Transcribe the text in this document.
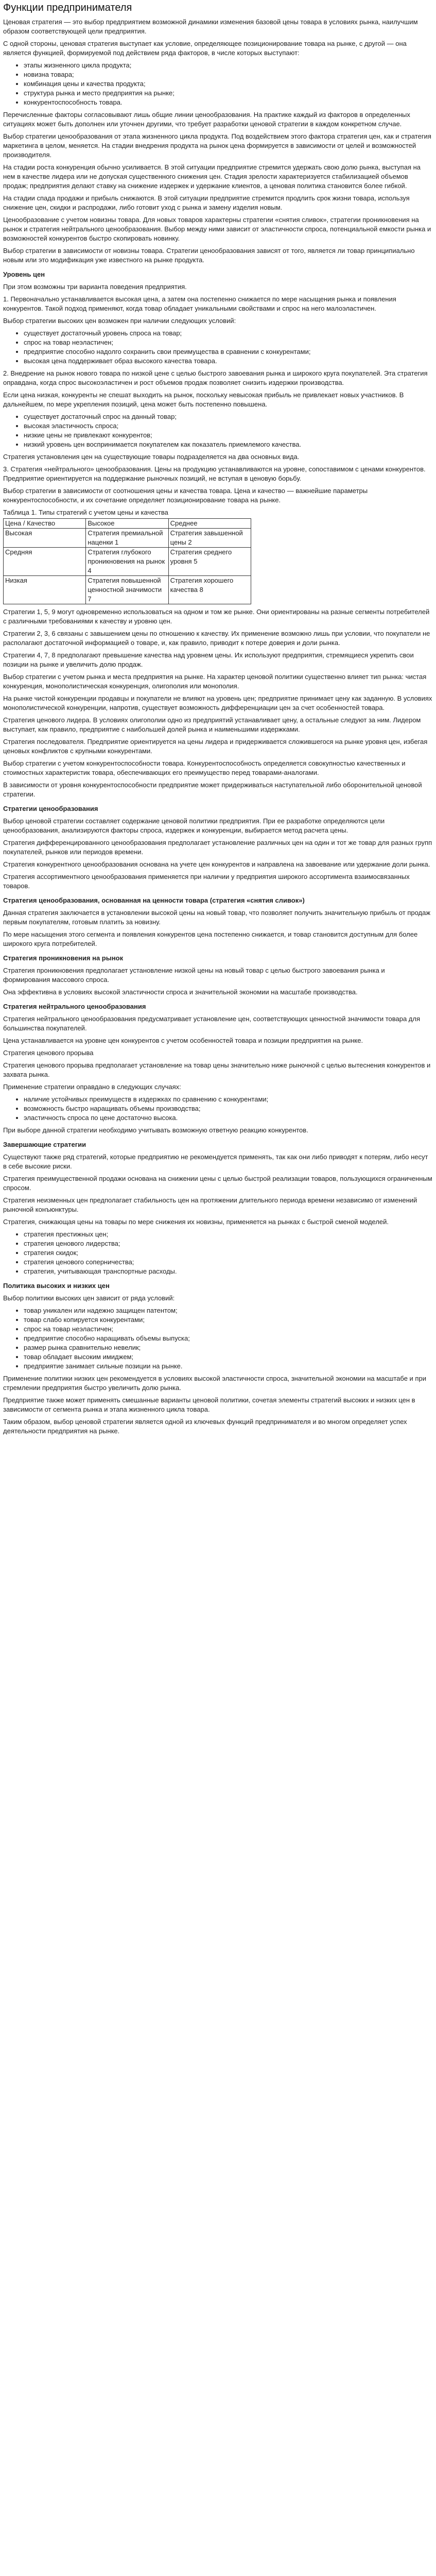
Функции предпринимателя

Ценовая стратегия — это выбор предприятием возможной динамики изменения базовой цены товара в условиях рынка, наилучшим образом соответствующей цели предприятия.

С одной стороны, ценовая стратегия выступает как условие, определяющее позиционирование товара на рынке, с другой — она является функцией, формируемой под действием ряда факторов, в числе которых выступают:

• этапы жизненного цикла продукта;
• новизна товара;
• комбинация цены и качества продукта;
• структура рынка и место предприятия на рынке;
• конкурентоспособность товара.

Перечисленные факторы согласовывают лишь общие линии ценообразования. На практике каждый из факторов в определенных ситуациях может быть дополнен или уточнен другими, что требует разработки ценовой стратегии в каждом конкретном случае.

Выбор стратегии ценообразования от этапа жизненного цикла продукта. Под воздействием этого фактора стратегия цен, как и стратегия маркетинга в целом, меняется. На стадии внедрения продукта на рынок цена формируется в зависимости от целей и возможностей производителя.

На стадии роста конкуренция обычно усиливается. В этой ситуации предприятие стремится удержать свою долю рынка, выступая на нем в качестве лидера или не допуская существенного снижения цен. Стадия зрелости характеризуется стабилизацией объемов продаж; предприятия делают ставку на снижение издержек и удержание клиентов, а ценовая политика становится более гибкой.

На стадии спада продажи и прибыль снижаются. В этой ситуации предприятие стремится продлить срок жизни товара, используя снижение цен, скидки и распродажи, либо готовит уход с рынка и замену изделия новым.

Ценообразование с учетом новизны товара. Для новых товаров характерны стратегии «снятия сливок», стратегии проникновения на рынок и стратегия нейтрального ценообразования. Выбор между ними зависит от эластичности спроса, потенциальной емкости рынка и возможностей конкурентов быстро скопировать новинку.

Выбор стратегии в зависимости от новизны товара. Стратегии ценообразования зависят от того, является ли товар принципиально новым или это модификация уже известного на рынке продукта.

Уровень цен

При этом возможны три варианта поведения предприятия.

1. Первоначально устанавливается высокая цена, а затем она постепенно снижается по мере насыщения рынка и появления конкурентов. Такой подход применяют, когда товар обладает уникальными свойствами и спрос на него малоэластичен.

Выбор стратегии высоких цен возможен при наличии следующих условий:

• существует достаточный уровень спроса на товар;
• спрос на товар неэластичен;
• предприятие способно надолго сохранить свои преимущества в сравнении с конкурентами;
• высокая цена поддерживает образ высокого качества товара.

2. Внедрение на рынок нового товара по низкой цене с целью быстрого завоевания рынка и широкого круга покупателей. Эта стратегия оправдана, когда спрос высокоэластичен и рост объемов продаж позволяет снизить издержки производства.

Если цена низкая, конкуренты не спешат выходить на рынок, поскольку невысокая прибыль не привлекает новых участников. В дальнейшем, по мере укрепления позиций, цена может быть постепенно повышена.

• существует достаточный спрос на данный товар;
• высокая эластичность спроса;
• низкие цены не привлекают конкурентов;
• низкий уровень цен воспринимается покупателем как показатель приемлемого качества.

Стратегия установления цен на существующие товары подразделяется на два основных вида.

3. Стратегия «нейтрального» ценообразования. Цены на продукцию устанавливаются на уровне, сопоставимом с ценами конкурентов. Предприятие ориентируется на поддержание рыночных позиций, не вступая в ценовую борьбу.

Выбор стратегии в зависимости от соотношения цены и качества товара. Цена и качество — важнейшие параметры конкурентоспособности, и их сочетание определяет позиционирование товара на рынке.

Таблица 1. Типы стратегий с учетом цены и качества

Цена / Качество	Высокое	Среднее
Высокая	Стратегия премиальной наценки 1	Стратегия завышенной цены 2
Средняя	Стратегия глубокого проникновения на рынок 4	Стратегия среднего уровня 5
Низкая	Стратегия повышенной ценностной значимости 7	Стратегия хорошего качества 8

Стратегии 1, 5, 9 могут одновременно использоваться на одном и том же рынке. Они ориентированы на разные сегменты потребителей с различными требованиями к качеству и уровню цен.

Стратегии 2, 3, 6 связаны с завышением цены по отношению к качеству. Их применение возможно лишь при условии, что покупатели не располагают достаточной информацией о товаре, и, как правило, приводит к потере доверия и доли рынка.

Стратегии 4, 7, 8 предполагают превышение качества над уровнем цены. Их используют предприятия, стремящиеся укрепить свои позиции на рынке и увеличить долю продаж.

Выбор стратегии с учетом рынка и места предприятия на рынке. На характер ценовой политики существенно влияет тип рынка: чистая конкуренция, монополистическая конкуренция, олигополия или монополия.

На рынке чистой конкуренции продавцы и покупатели не влияют на уровень цен; предприятие принимает цену как заданную. В условиях монополистической конкуренции, напротив, существует возможность дифференциации цен за счет особенностей товара.

Стратегия ценового лидера. В условиях олигополии одно из предприятий устанавливает цену, а остальные следуют за ним. Лидером выступает, как правило, предприятие с наибольшей долей рынка и наименьшими издержками.

Стратегия последователя. Предприятие ориентируется на цены лидера и придерживается сложившегося на рынке уровня цен, избегая ценовых конфликтов с крупными конкурентами.

Выбор стратегии с учетом конкурентоспособности товара. Конкурентоспособность определяется совокупностью качественных и стоимостных характеристик товара, обеспечивающих его преимущество перед товарами-аналогами.

В зависимости от уровня конкурентоспособности предприятие может придерживаться наступательной либо оборонительной ценовой стратегии.

Стратегии ценообразования

Выбор ценовой стратегии составляет содержание ценовой политики предприятия. При ее разработке определяются цели ценообразования, анализируются факторы спроса, издержек и конкуренции, выбирается метод расчета цены.

Стратегия дифференцированного ценообразования предполагает установление различных цен на один и тот же товар для разных групп покупателей, рынков или периодов времени.

Стратегия конкурентного ценообразования основана на учете цен конкурентов и направлена на завоевание или удержание доли рынка.

Стратегия ассортиментного ценообразования применяется при наличии у предприятия широкого ассортимента взаимосвязанных товаров.

Стратегия ценообразования, основанная на ценности товара (стратегия «снятия сливок»)

Данная стратегия заключается в установлении высокой цены на новый товар, что позволяет получить значительную прибыль от продаж первым покупателям, готовым платить за новизну.

По мере насыщения этого сегмента и появления конкурентов цена постепенно снижается, и товар становится доступным для более широкого круга потребителей.

Стратегия проникновения на рынок

Стратегия проникновения предполагает установление низкой цены на новый товар с целью быстрого завоевания рынка и формирования массового спроса.

Она эффективна в условиях высокой эластичности спроса и значительной экономии на масштабе производства.

Стратегия нейтрального ценообразования

Стратегия нейтрального ценообразования предусматривает установление цен, соответствующих ценностной значимости товара для большинства покупателей.

Цена устанавливается на уровне цен конкурентов с учетом особенностей товара и позиции предприятия на рынке.

Стратегия ценового прорыва

Стратегия ценового прорыва предполагает установление на товар цены значительно ниже рыночной с целью вытеснения конкурентов и захвата рынка.

Применение стратегии оправдано в следующих случаях:

• наличие устойчивых преимуществ в издержках по сравнению с конкурентами;
• возможность быстро наращивать объемы производства;
• эластичность спроса по цене достаточно высока.

При выборе данной стратегии необходимо учитывать возможную ответную реакцию конкурентов.

Завершающие стратегии

Существуют также ряд стратегий, которые предприятию не рекомендуется применять, так как они либо приводят к потерям, либо несут в себе высокие риски.

Стратегия преимущественной продажи основана на снижении цены с целью быстрой реализации товаров, пользующихся ограниченным спросом.

Стратегия неизменных цен предполагает стабильность цен на протяжении длительного периода времени независимо от изменений рыночной конъюнктуры.

Стратегия, снижающая цены на товары по мере снижения их новизны, применяется на рынках с быстрой сменой моделей.

• стратегия престижных цен;
• стратегия ценового лидерства;
• стратегия скидок;
• стратегия ценового соперничества;
• стратегия, учитывающая транспортные расходы.
Политика высоких и низких цен

Выбор политики высоких цен зависит от ряда условий:

• товар уникален или надежно защищен патентом;
• товар слабо копируется конкурентами;
• спрос на товар неэластичен;
• предприятие способно наращивать объемы выпуска;
• размер рынка сравнительно невелик;
• товар обладает высоким имиджем;
• предприятие занимает сильные позиции на рынке.

Применение политики низких цен рекомендуется в условиях высокой эластичности спроса, значительной экономии на масштабе и при стремлении предприятия быстро увеличить долю рынка.

Предприятие также может применять смешанные варианты ценовой политики, сочетая элементы стратегий высоких и низких цен в зависимости от сегмента рынка и этапа жизненного цикла товара.

Таким образом, выбор ценовой стратегии является одной из ключевых функций предпринимателя и во многом определяет успех деятельности предприятия на рынке.
